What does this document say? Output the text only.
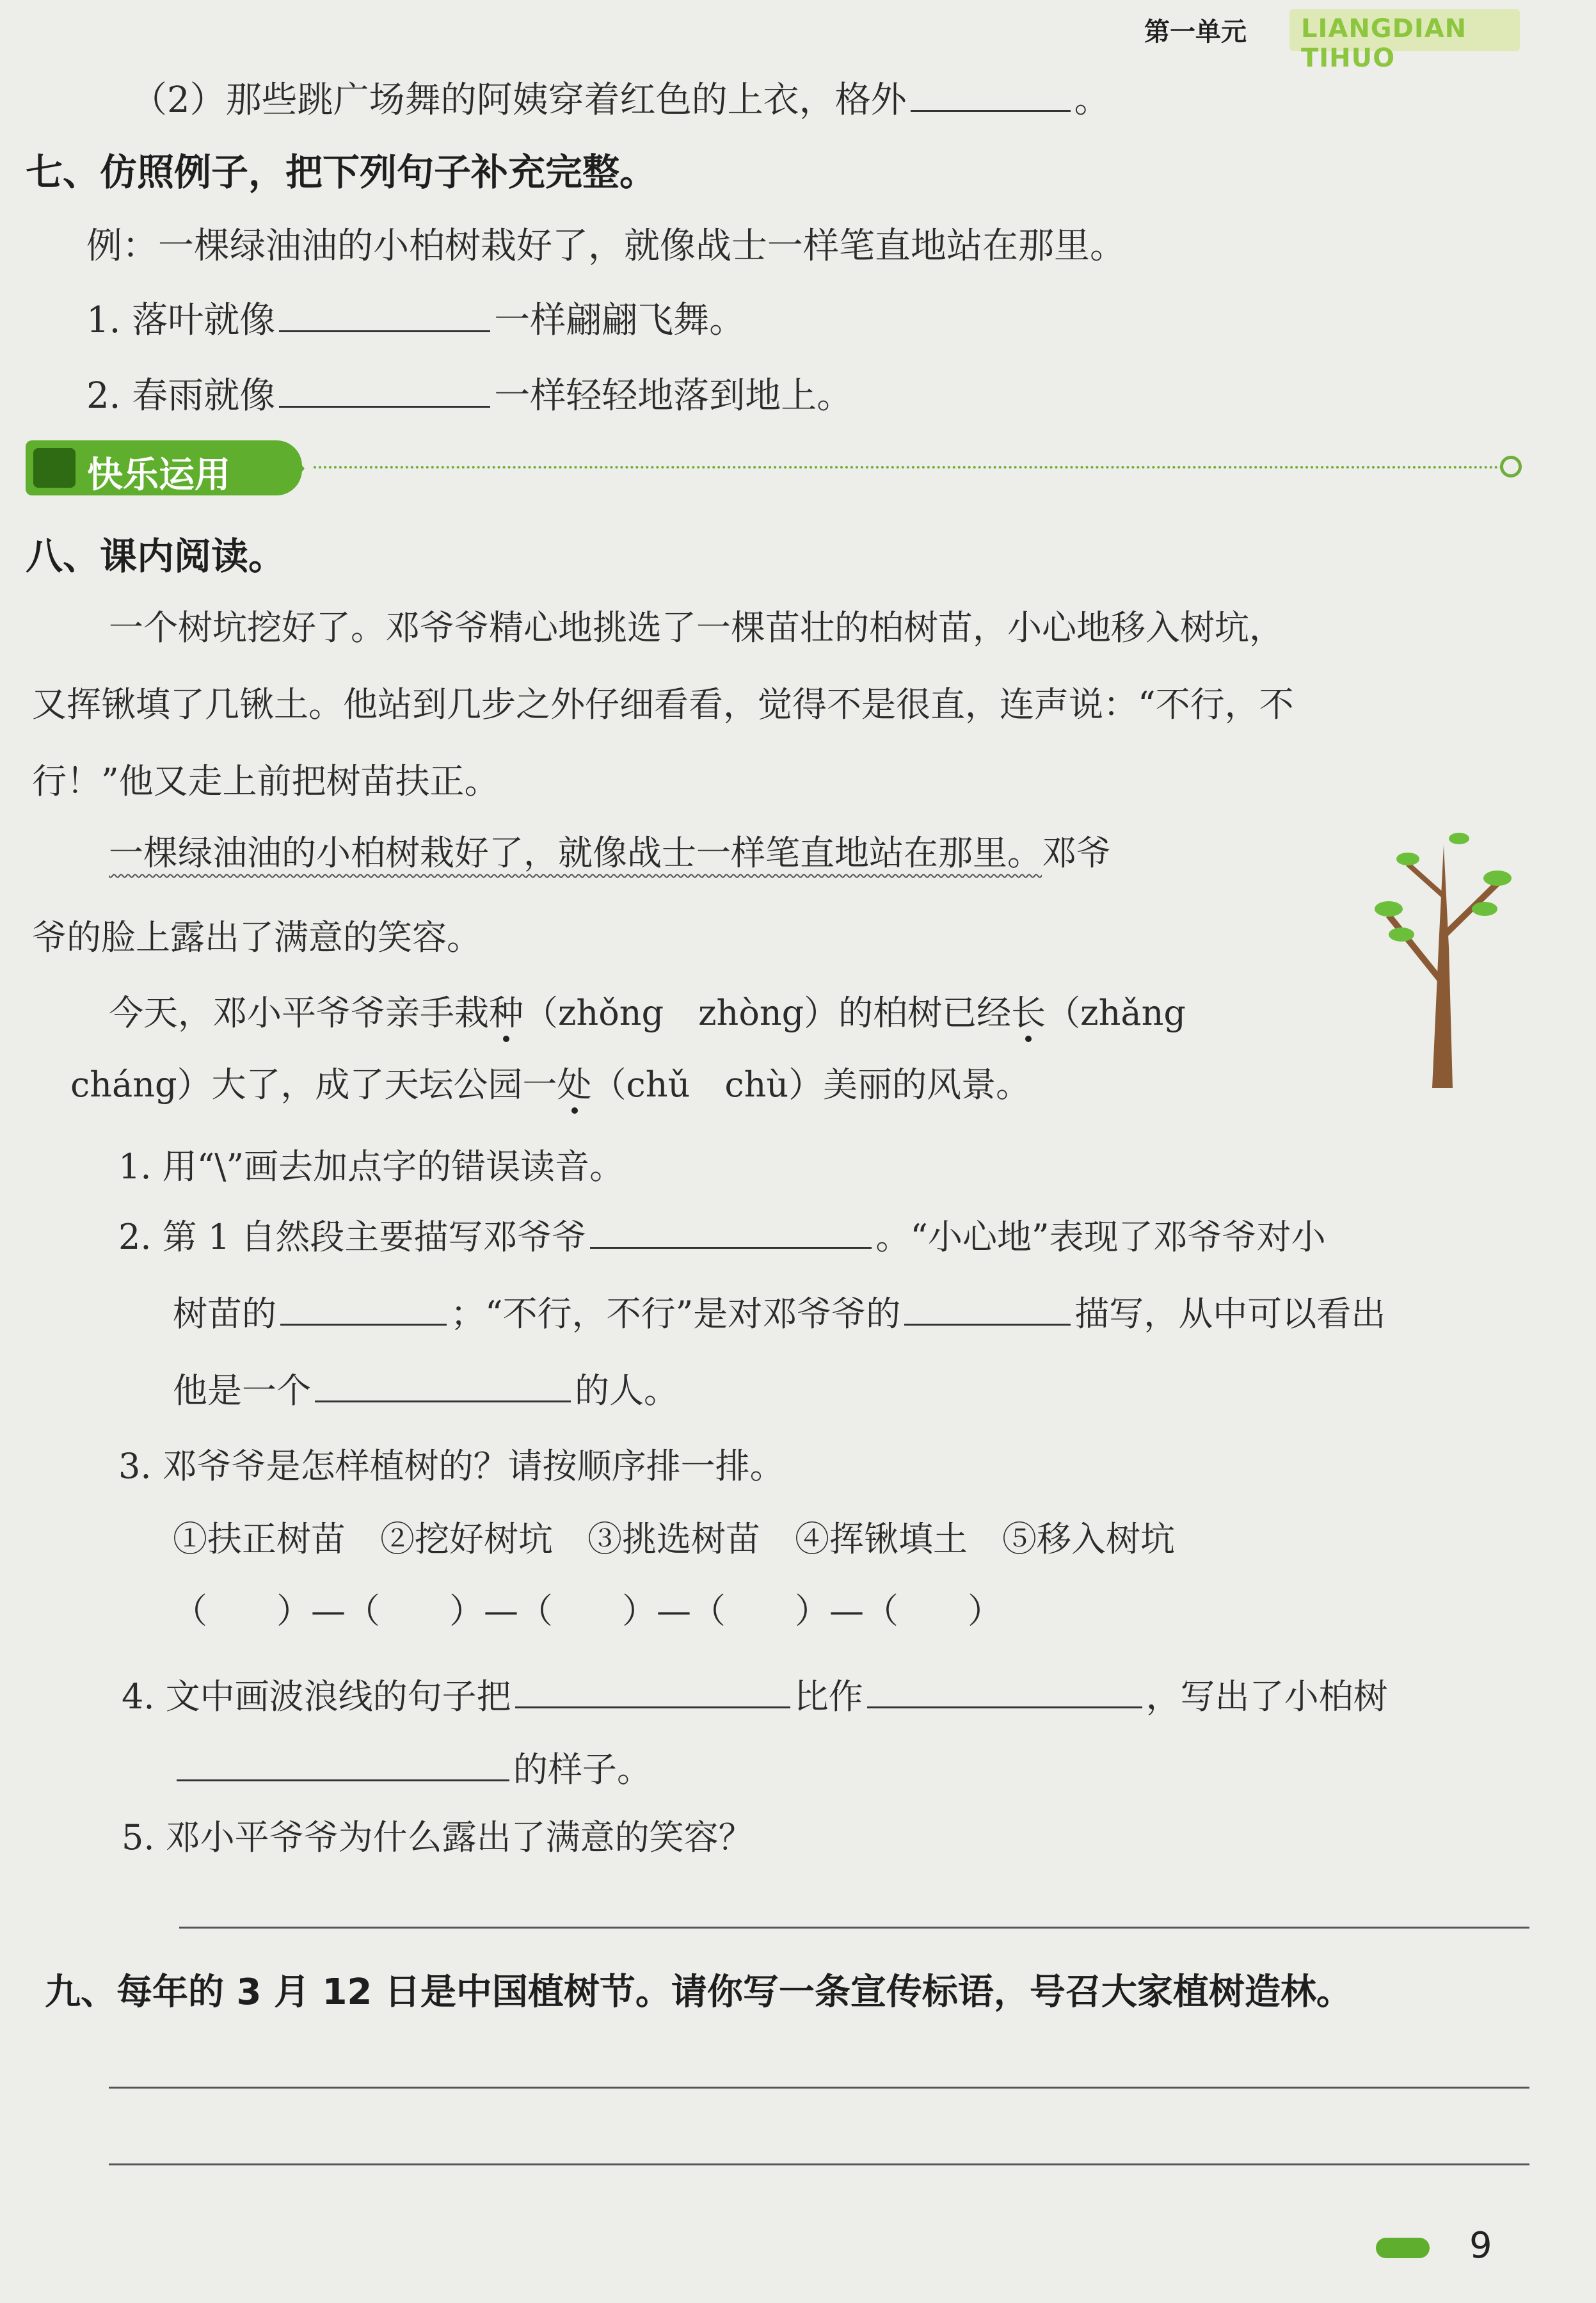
第一单元 LIANGDIAN TIHUO
（2）那些跳广场舞的阿姨穿着红色的上衣，格外	。
七、仿照例子，把下列句子补充完整。
例：一棵绿油油的小柏树栽好了，就像战士一样笔直地站在那里。
1. 落叶就像	一样翩翩飞舞。
2. 春雨就像	一样轻轻地落到地上。
快乐运用
八、课内阅读。
一个树坑挖好了。邓爷爷精心地挑选了一棵苗壮的柏树苗，小心地移入树坑，
又挥锹填了几锹土。他站到几步之外仔细看看，觉得不是很直，连声说：“不行，不
行！”他又走上前把树苗扶正。
一棵绿油油的小柏树栽好了，就像战士一样笔直地站在那里。邓爷
爷的脸上露出了满意的笑容。
今天，邓小平爷爷亲手栽种（zhǒng　zhòng）的柏树已经长（zhǎng
cháng）大了，成了天坛公园一处（chǔ　chù）美丽的风景。
1. 用“\”画去加点字的错误读音。
2. 第 1 自然段主要描写邓爷爷	。“小心地”表现了邓爷爷对小
树苗的	；“不行，不行”是对邓爷爷的	描写，从中可以看出
他是一个	的人。
3. 邓爷爷是怎样植树的？请按顺序排一排。
①扶正树苗　②挖好树坑　③挑选树苗　④挥锹填土　⑤移入树坑
（　　）—（　　）—（　　）—（　　）—（　　）
4. 文中画波浪线的句子把	比作	，写出了小柏树
的样子。
5. 邓小平爷爷为什么露出了满意的笑容？
九、每年的 3 月 12 日是中国植树节。请你写一条宣传标语，号召大家植树造林。
9
